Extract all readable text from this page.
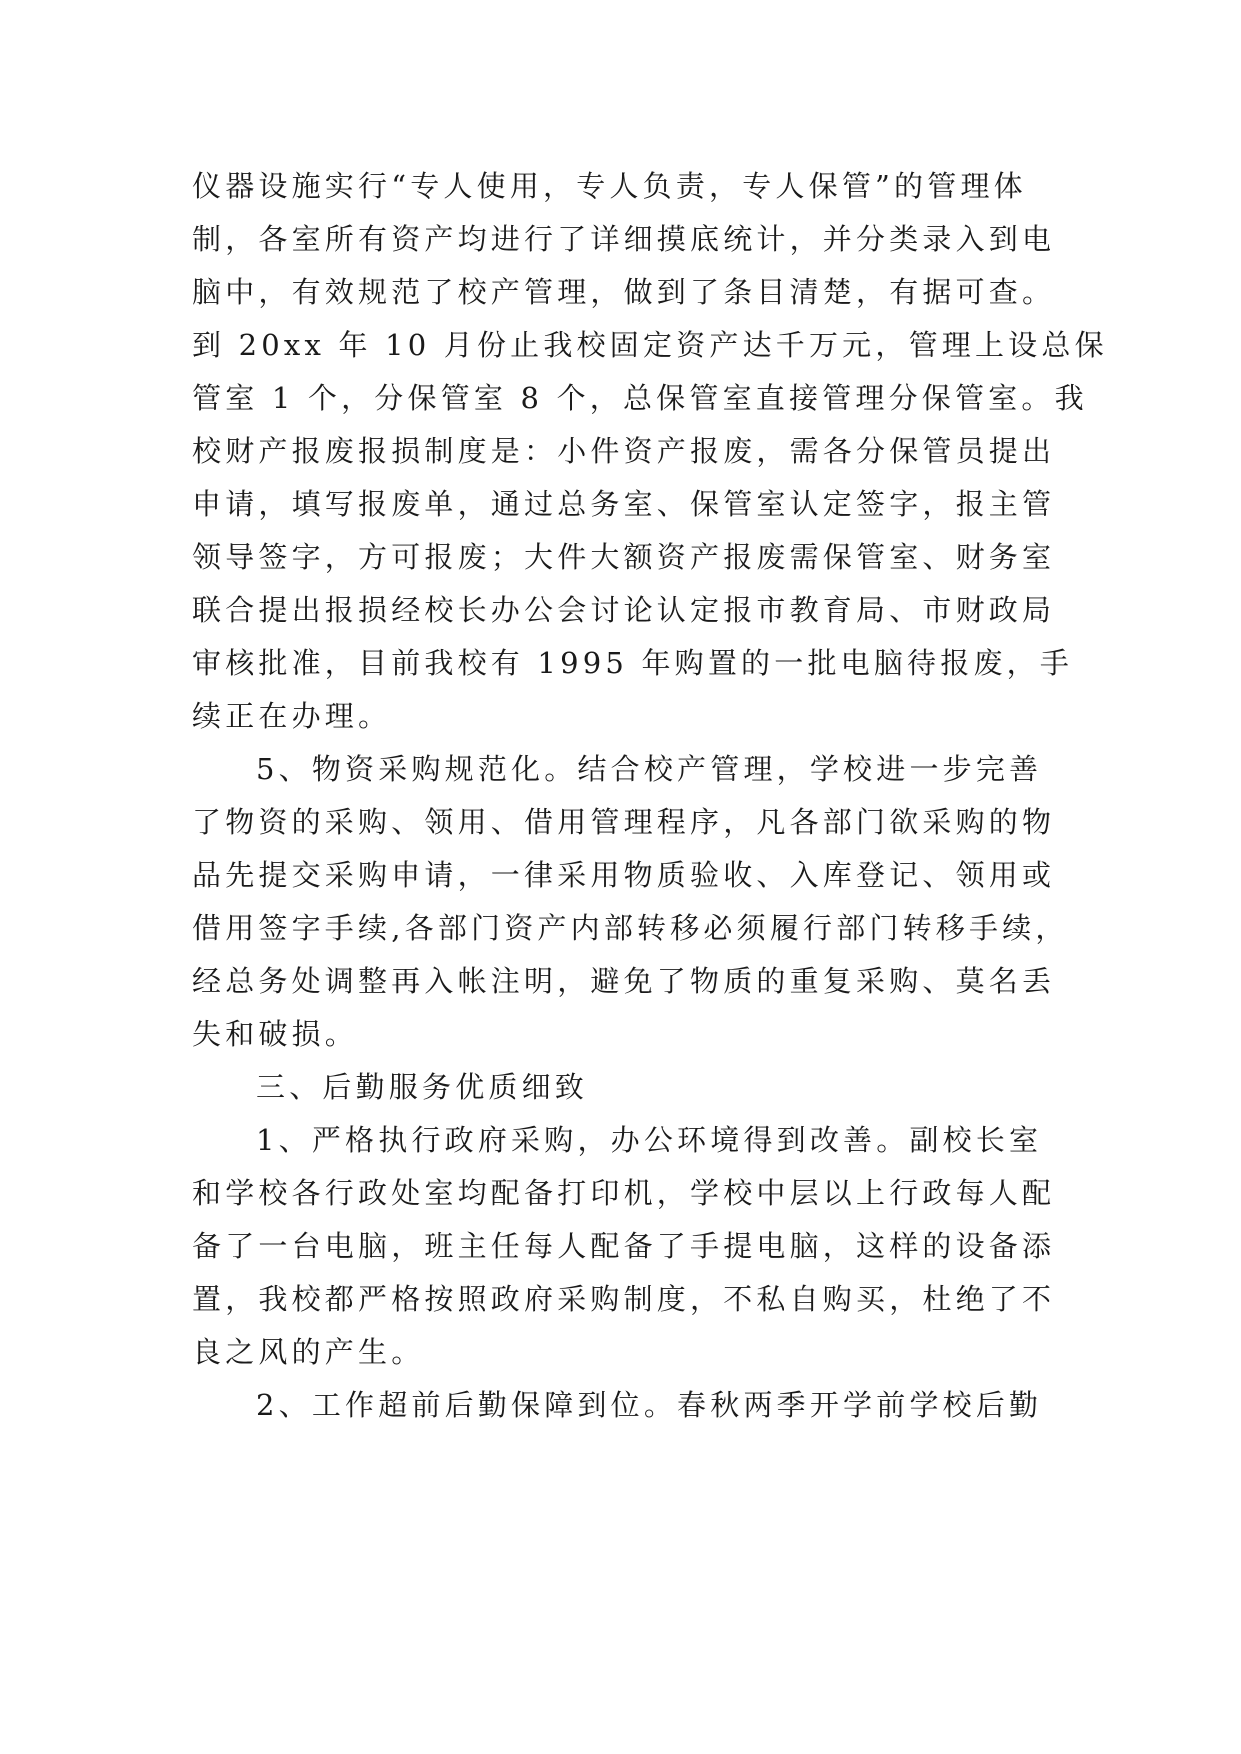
仪器设施实行“专人使用，专人负责，专人保管”的管理体
制，各室所有资产均进行了详细摸底统计，并分类录入到电
脑中，有效规范了校产管理，做到了条目清楚，有据可查。
到 20xx 年 10 月份止我校固定资产达千万元，管理上设总保
管室 1 个，分保管室 8 个，总保管室直接管理分保管室。我
校财产报废报损制度是：小件资产报废，需各分保管员提出
申请，填写报废单，通过总务室、保管室认定签字，报主管
领导签字，方可报废；大件大额资产报废需保管室、财务室
联合提出报损经校长办公会讨论认定报市教育局、市财政局
审核批准，目前我校有 1995 年购置的一批电脑待报废，手
续正在办理。
5、物资采购规范化。结合校产管理，学校进一步完善
了物资的采购、领用、借用管理程序，凡各部门欲采购的物
品先提交采购申请，一律采用物质验收、入库登记、领用或
借用签字手续,各部门资产内部转移必须履行部门转移手续，
经总务处调整再入帐注明，避免了物质的重复采购、莫名丢
失和破损。
三、后勤服务优质细致
1、严格执行政府采购，办公环境得到改善。副校长室
和学校各行政处室均配备打印机，学校中层以上行政每人配
备了一台电脑，班主任每人配备了手提电脑，这样的设备添
置，我校都严格按照政府采购制度，不私自购买，杜绝了不
良之风的产生。
2、工作超前后勤保障到位。春秋两季开学前学校后勤
